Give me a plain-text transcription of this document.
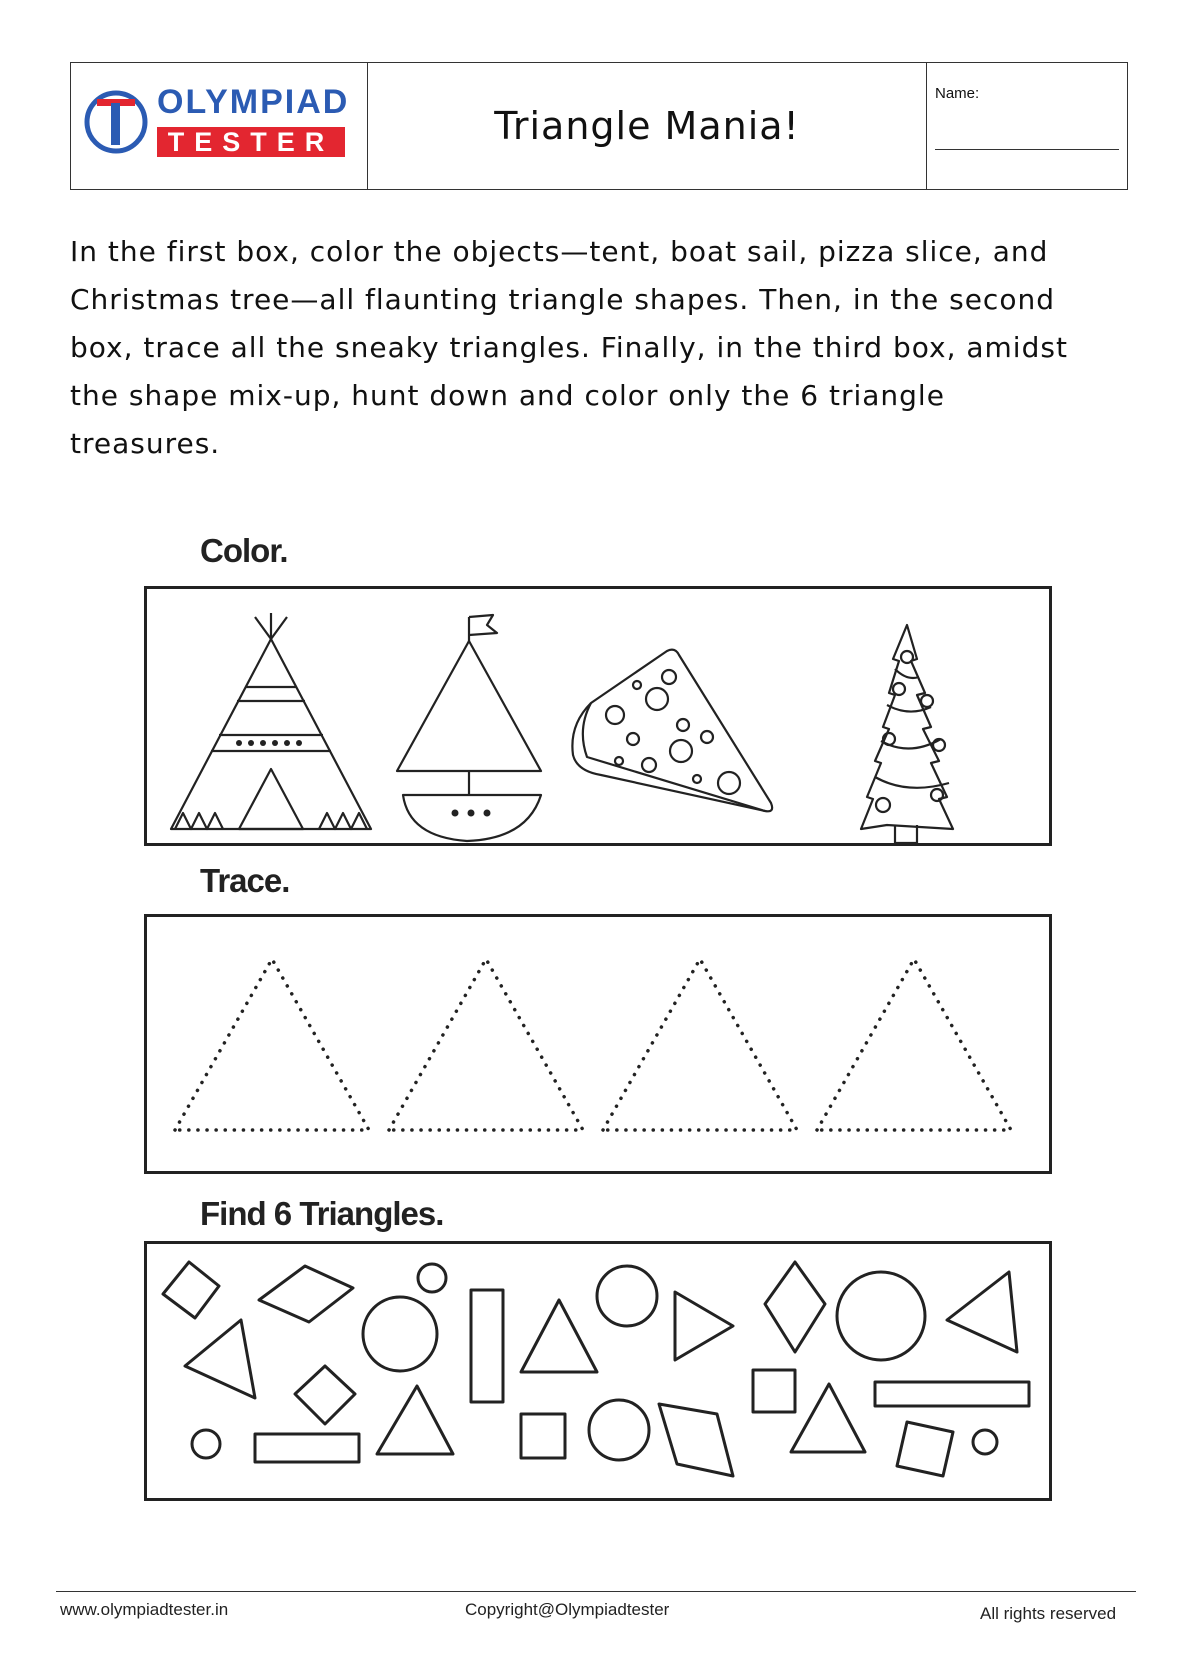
OLYMPIAD
TESTER	Triangle Mania!
Name:

In the first box, color the objects—tent, boat sail, pizza slice, and Christmas tree—all flaunting triangle shapes. Then, in the second box, trace all the sneaky triangles. Finally, in the third box, amidst the shape mix-up, hunt down and color only the 6 triangle treasures.

Color.
Trace.
Find 6 Triangles.
www.olympiadtester.in	Copyright@Olympiadtester	All rights reserved
